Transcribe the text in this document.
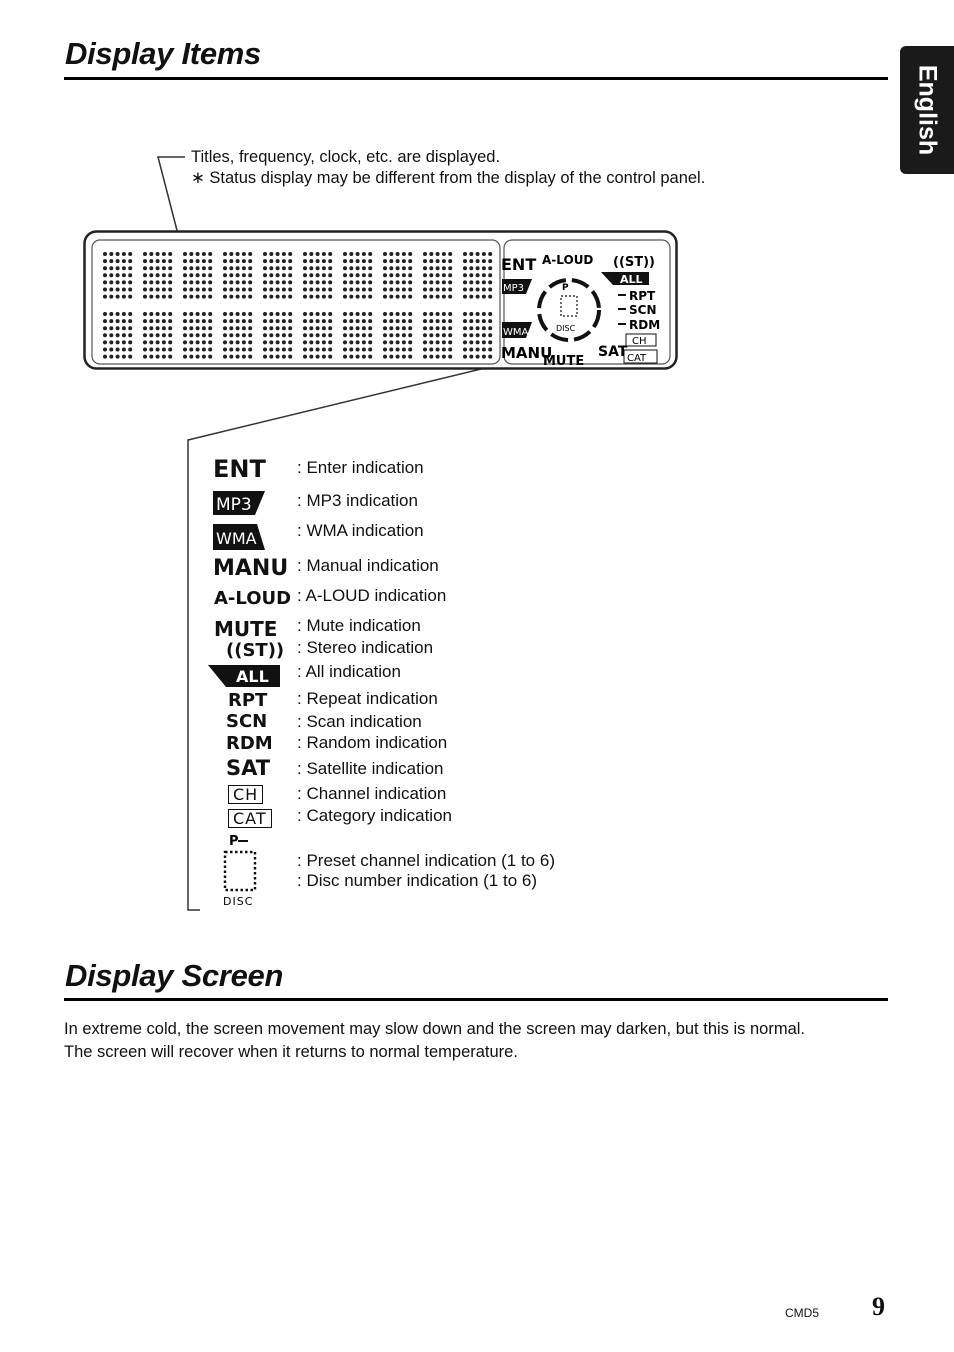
English
Display Items
Titles, frequency, clock, etc. are displayed.
∗ Status display may be different from the display of the control panel.
ENT A-LOUD ((ST))
ALL
MP3
RPT
SCN
RDM
WMA
CH
CAT
MANU
MUTE
SAT
P
DISC
ENT
MP3
WMA
MANU
A-LOUD
MUTE
((ST))
ALL
RPT
SCN
RDM
SAT
CH
CAT
P
DISC
: Enter indication
: MP3 indication
: WMA indication
: Manual indication
: A-LOUD indication
: Mute indication
: Stereo indication
: All indication
: Repeat indication
: Scan indication
: Random indication
: Satellite indication
: Channel indication
: Category indication
: Preset channel indication (1 to 6)
: Disc number indication (1 to 6)
Display Screen
In extreme cold, the screen movement may slow down and the screen may darken, but this is normal.
The screen will recover when it returns to normal temperature.
CMD5 9
